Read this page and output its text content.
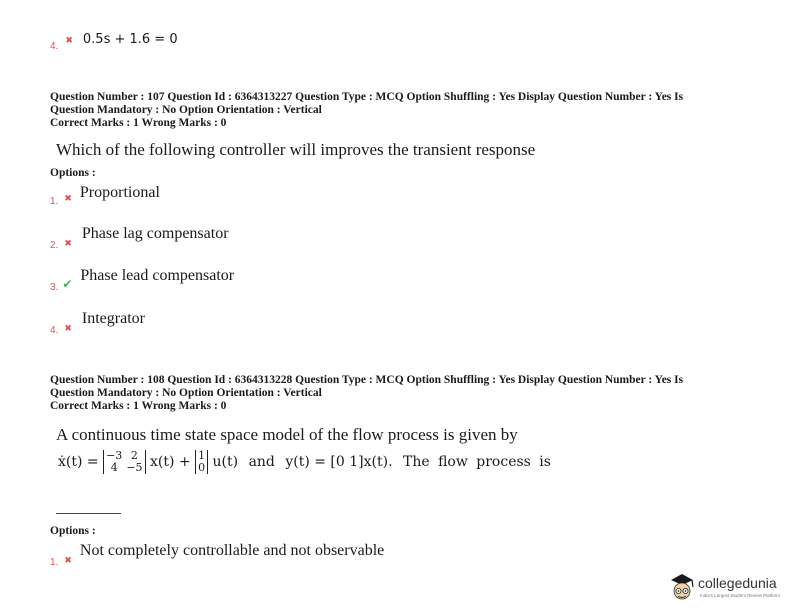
$_{4.}$ ✖ 0.5s + 1.6 = 0
Question Number : 107 Question Id : 6364313227 Question Type : MCQ Option Shuffling : Yes Display Question Number : Yes Is
Question Mandatory : No Option Orientation : Vertical
Correct Marks : 1 Wrong Marks : 0
Which of the following controller will improves the transient response
Options :
$_{1.}$ $_✖$ Proportional
$_{2.}$ $_✖$ Phase lag compensator
$_{3.}$ $_✔$ Phase lead compensator
$_{4.}$ $_✖$ Integrator
Question Number : 108 Question Id : 6364313228 Question Type : MCQ Option Shuffling : Yes Display Question Number : Yes Is
Question Mandatory : No Option Orientation : Vertical
Correct Marks : 1 Wrong Marks : 0
A continuous time state space model of the flow process is given by
ẋ(t) = −3	2
4	−5 x(t) + 1
0 u(t) and y(t) = [0 1]x(t). The flow process is
Options :
$_{1.}$ $_✖$ Not completely controllable and not observable
collegedunia
India's Largest Student Review Platform
